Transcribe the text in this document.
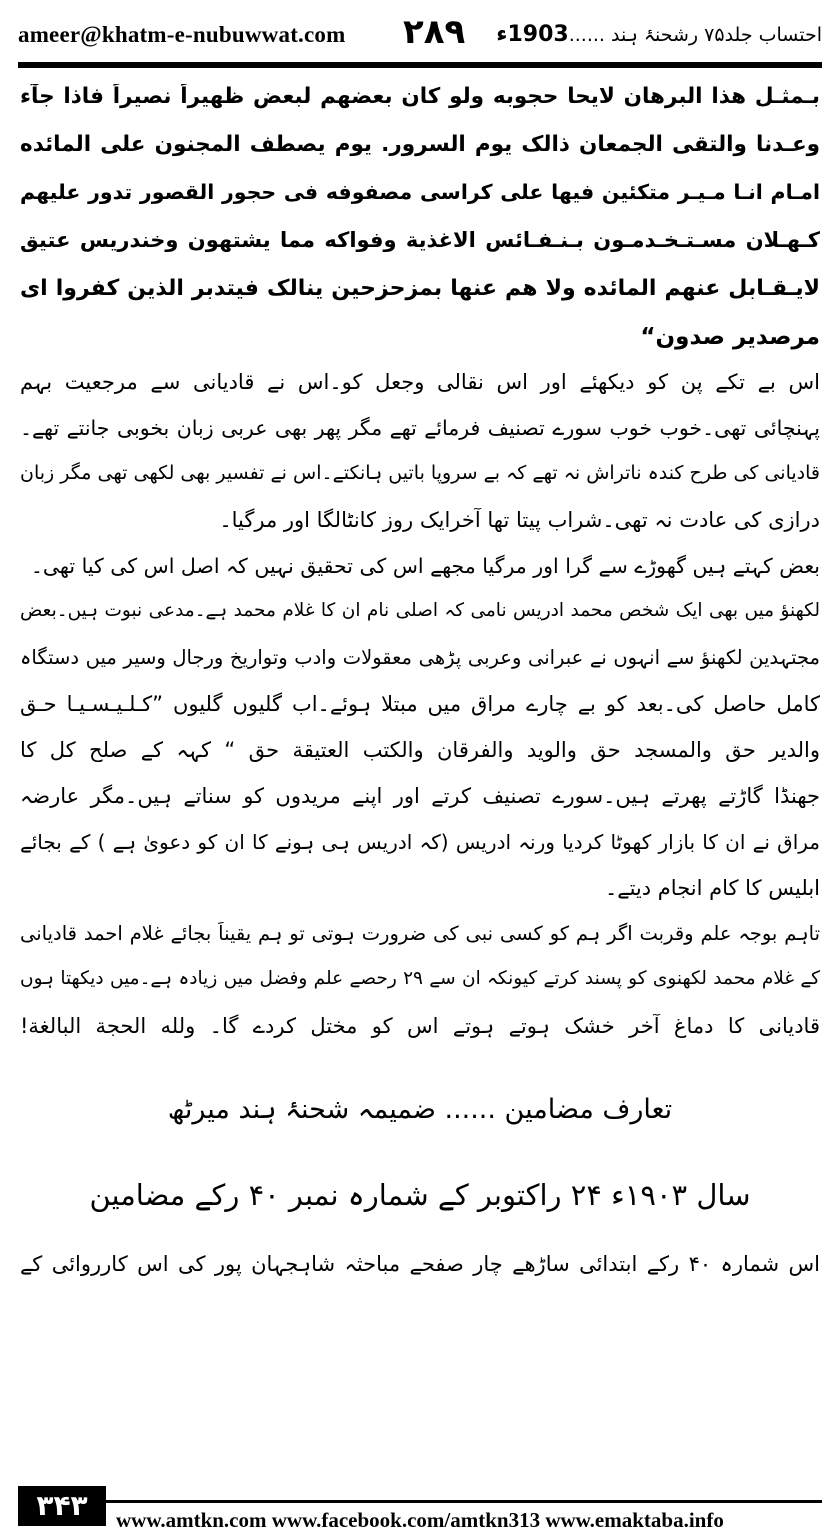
ameer@khatm-e-nubuwwat.com ۲۸۹	احتساب جلد۷۵ رشحنۂ ہند ......1903ء
بـمثـل هذا البرهان لايحا حجوبه ولو كان بعضهم لبعض ظهيراً نصيراً فاذا جآء
وعـدنا والتقى الجمعان ذالک يوم السرور. يوم يصطف المجنون على المائده
امـام انـا مـيـر متكئين فيها على كراسى مصفوفه فى حجور القصور تدور عليهم
كـهـلان مسـتـخـدمـون بـنـفـائس الاغذية وفواكه مما يشتهون وخندريس عتيق
لايـقـابل عنهم المائده ولا هم عنها بمزحزحين ينالک فيتدبر الذين كفروا اى
مرصدير صدون“
اس بے تکے پن کو دیکھئے اور اس نقالی وجعل کو۔اس نے قادیانی سے مرجعیت بہم
پہنچائی تھی۔خوب خوب سورے تصنیف فرمائے تھے مگر پھر بھی عربی زبان بخوبی جانتے تھے۔
قادیانی کی طرح کندہ ناتراش نہ تھے کہ بے سروپا باتیں ہانکتے۔اس نے تفسیر بھی لکھی تھی مگر زبان
درازی کی عادت نہ تھی۔شراب پیتا تھا آخرایک روز کانٹالگا اور مرگیا۔
بعض کہتے ہیں گھوڑے سے گرا اور مرگیا مجھے اس کی تحقیق نہیں کہ اصل اس کی کیا تھی۔
لکھنؤ میں بھی ایک شخص محمد ادریس نامی کہ اصلی نام ان کا غلام محمد ہے۔مدعی نبوت ہیں۔بعض
مجتہدین لکھنؤ سے انہوں نے عبرانی وعربی پڑھی معقولات وادب وتواریخ ورجال وسیر میں دستگاہ
کامل حاصل کی۔بعد کو بے چارے مراق میں مبتلا ہوئے۔اب گلیوں گلیوں ”کـلـیـسـیـا حـق
والدير حق والمسجد حق والويد والفرقان والكتب العتيقة حق “ کہہ کے صلح کل کا
جھنڈا گاڑتے پھرتے ہیں۔سورے تصنیف کرتے اور اپنے مریدوں کو سناتے ہیں۔مگر عارضہ
مراق نے ان کا بازار کھوٹا کردیا ورنہ ادریس (کہ ادریس ہی ہونے کا ان کو دعویٰ ہے ) کے بجائے
ابلیس کا کام انجام دیتے۔
تاہم بوجہ علم وقربت اگر ہم کو کسی نبی کی ضرورت ہوتی تو ہم یقیناً بجائے غلام احمد قادیانی
کے غلام محمد لکھنوی کو پسند کرتے کیونکہ ان سے ۲۹ رحصے علم وفضل میں زیادہ ہے۔میں دیکھتا ہوں
قادیانی کا دماغ آخر خشک ہوتے ہوتے اس کو مختل کردے گا۔ ولله الحجة البالغة!
تعارف مضامین ...... ضمیمہ شحنۂ ہند میرٹھ
سال ۱۹۰۳ء ۲۴ راکتوبر کے شمارہ نمبر ۴۰ رکے مضامین
اس شمارہ ۴۰ رکے ابتدائی ساڑھے چار صفحے مباحثہ شاہجہان پور کی اس کارروائی کے
۳۴۳	www.amtkn.com www.facebook.com/amtkn313 www.emaktaba.info
